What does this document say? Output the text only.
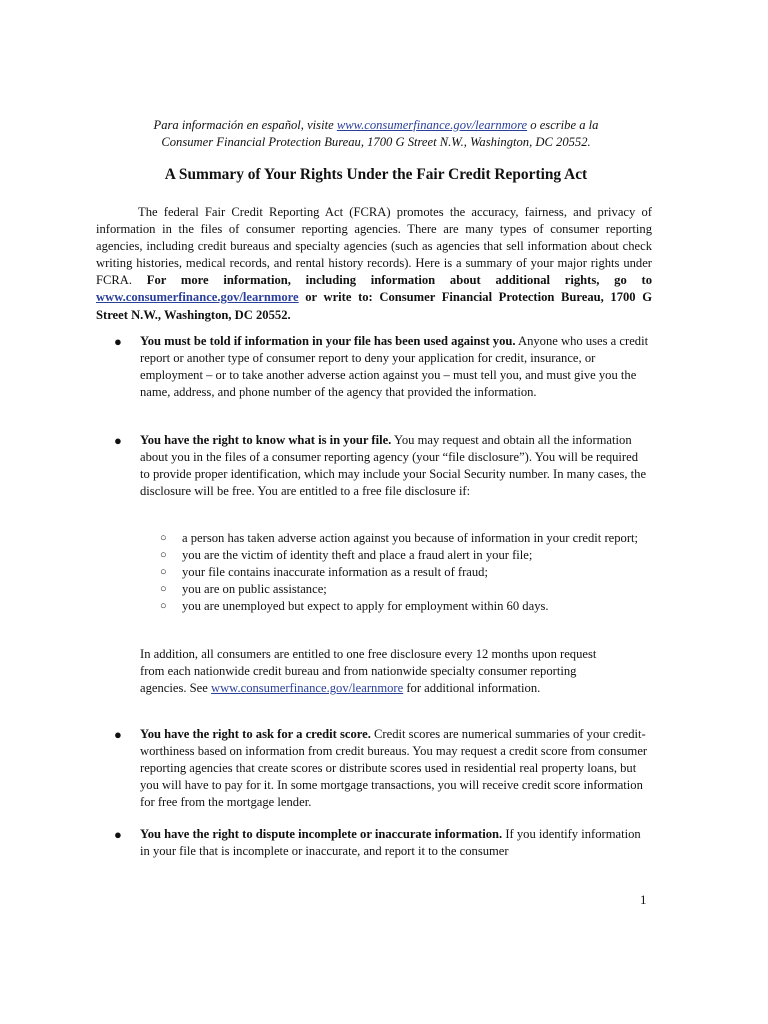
Para información en español, visite www.consumerfinance.gov/learnmore o escribe a la
Consumer Financial Protection Bureau, 1700 G Street N.W., Washington, DC 20552.
A Summary of Your Rights Under the Fair Credit Reporting Act
The federal Fair Credit Reporting Act (FCRA) promotes the accuracy, fairness, and privacy of information in the files of consumer reporting agencies. There are many types of consumer reporting agencies, including credit bureaus and specialty agencies (such as agencies that sell information about check writing histories, medical records, and rental history records). Here is a summary of your major rights under FCRA. For more information, including information about additional rights, go to www.consumerfinance.gov/learnmore or write to: Consumer Financial Protection Bureau, 1700 G Street N.W., Washington, DC 20552.
● You must be told if information in your file has been used against you. Anyone who uses a credit report or another type of consumer report to deny your application for credit, insurance, or employment – or to take another adverse action against you – must tell you, and must give you the name, address, and phone number of the agency that provided the information.
● You have the right to know what is in your file. You may request and obtain all the information about you in the files of a consumer reporting agency (your “file disclosure”). You will be required to provide proper identification, which may include your Social Security number. In many cases, the disclosure will be free. You are entitled to a free file disclosure if:
○ a person has taken adverse action against you because of information in your credit report;
○ you are the victim of identity theft and place a fraud alert in your file;
○ your file contains inaccurate information as a result of fraud;
○ you are on public assistance;
○ you are unemployed but expect to apply for employment within 60 days.
In addition, all consumers are entitled to one free disclosure every 12 months upon request from each nationwide credit bureau and from nationwide specialty consumer reporting agencies. See www.consumerfinance.gov/learnmore for additional information.
● You have the right to ask for a credit score. Credit scores are numerical summaries of your credit-worthiness based on information from credit bureaus. You may request a credit score from consumer reporting agencies that create scores or distribute scores used in residential real property loans, but you will have to pay for it. In some mortgage transactions, you will receive credit score information for free from the mortgage lender.
● You have the right to dispute incomplete or inaccurate information. If you identify information in your file that is incomplete or inaccurate, and report it to the consumer
1
